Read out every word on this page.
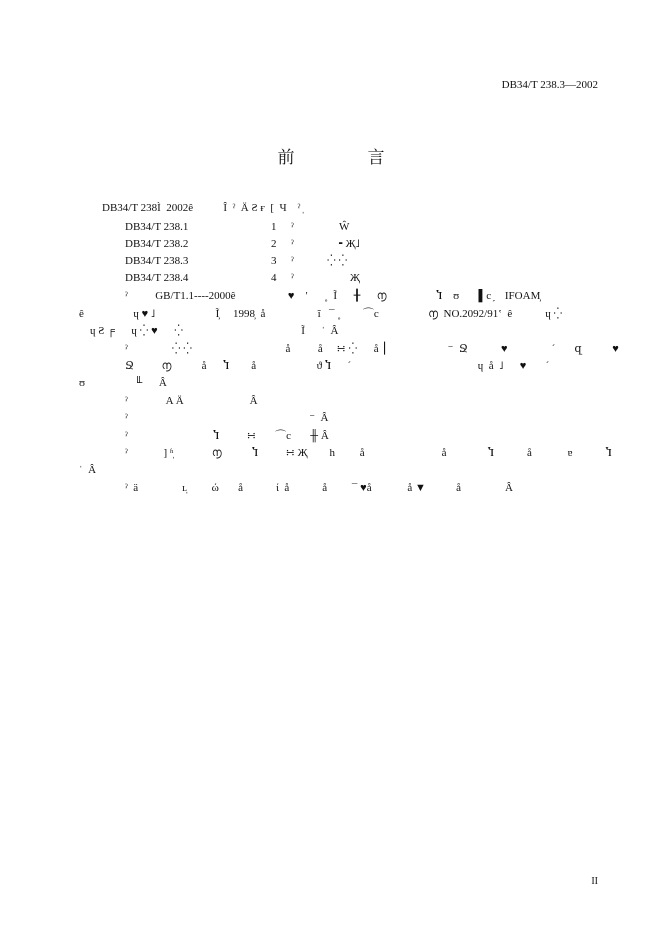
DB34/T 238.3—2002
前　言
DB34/T 238Ì  2002ê           Î  ˀ  Ä Ƨ ғ  [  Ч    ˀ ̩
DB34/T 238.1	1 ˀ	Ŵ
DB34/T 238.2	2 ˀ	╸Җ˩
DB34/T 238.3	3 ˀ	⁛ ⁛
DB34/T 238.4	4 ˀ	Җ
ˀ          GB/T1.1----2000ê                   ♥    ʹ      ˳  Ĩ      ╂      ൱                  Ⴈ    ʊ       ▌c ̗    IFOAM̦
ê                  ɥ ♥ ˩                      Ĩ̦     1998̦  å                   ĩ   ¯ ˳        ⌒c                  ൱  NO.2092/91ʽ  ê            ɥ ⁛
ɥ Ƨ ╒      ɥ ⁛ ♥      ⁛                                           Ĩ      ˈ  Â
ˀ                ⁛ ⁛                                  å          å     ∺ ⁛      å  ▏                    ⁻  Ջ            ♥                ˊ       զ           ♥
Ջ          ൱           å      Ⴈ        å                      ϑ Ⴈ      ˊ                                              ɥ  å  ˩      ♥       ˊ
ʊ                  ╙      Â
ˀ              A Ä                        Â
ˀ                                                                  ⁻  Â
ˀ                               Ⴈ          ∺       ⌒c       ╫ Â
ˀ             ] ʱ̩              ൱           Ⴈ          ∺ Җ        h         å                            å               Ⴈ            å             ɐ            Ⴈ
ˈ  Â
ˀ  ä                ʟ̩         ώ       å            ί  å            å         ¯ ♥å             å ▼           å                Â
II
